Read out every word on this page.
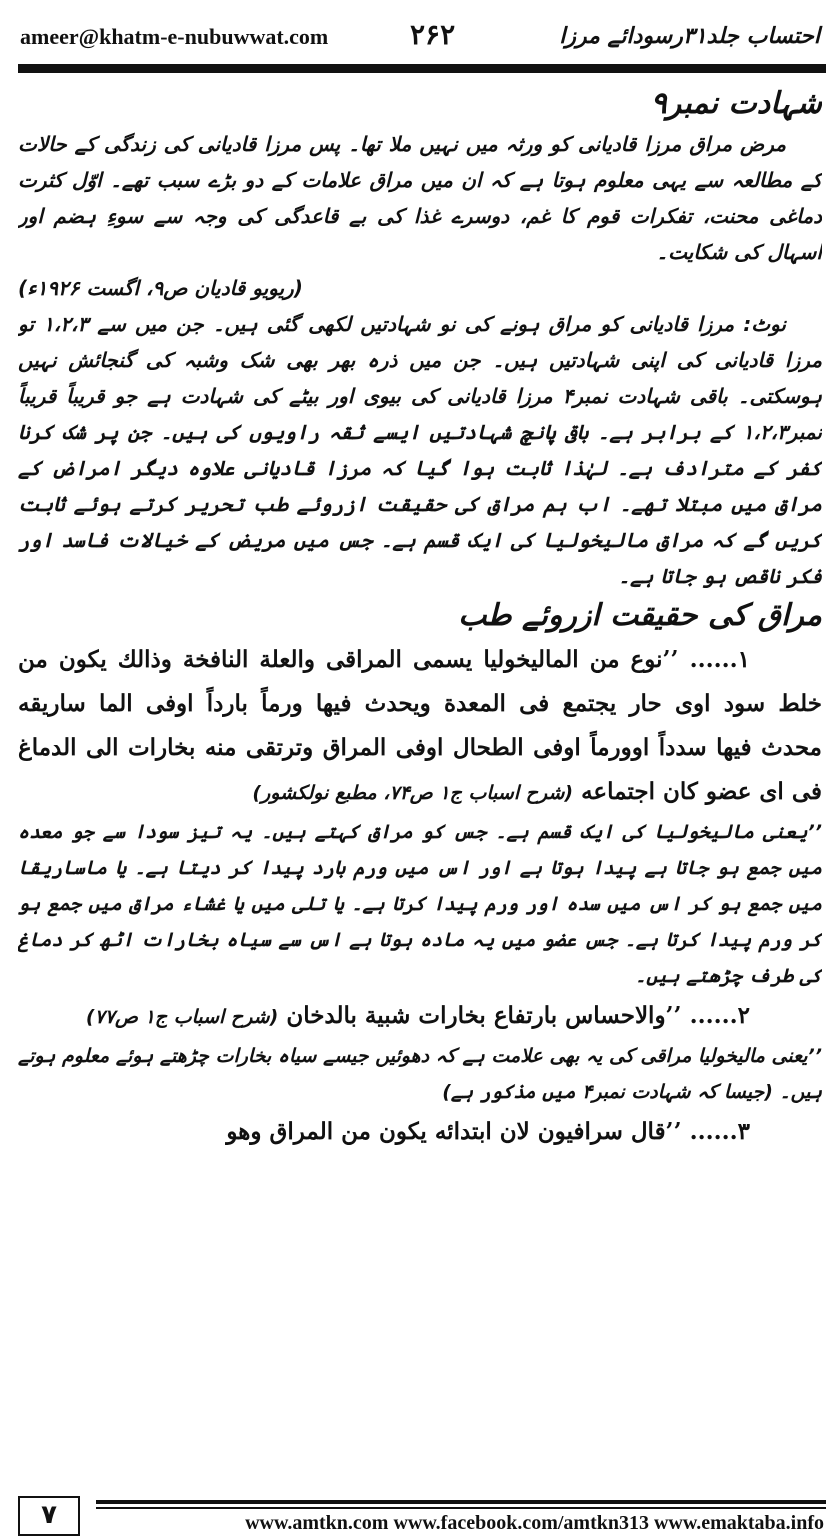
ameer@khatm-e-nubuwwat.com	۲۶۲	احتساب جلد۳۱رسودائے مرزا

شہادت نمبر۹

مرض مراق مرزا قادیانی کو ورثہ میں نہیں ملا تھا۔ پس مرزا قادیانی کی زندگی کے حالات کے مطالعہ سے یہی معلوم ہوتا ہے کہ ان میں مراق علامات کے دو بڑے سبب تھے۔ اوّل کثرت دماغی محنت، تفکرات قوم کا غم، دوسرے غذا کی بے قاعدگی کی وجہ سے سوءِ ہضم اور اسہال کی شکایت۔
(ریویو قادیان ص۹، اگست ۱۹۲۶ء)

نوٹ: مرزا قادیانی کو مراق ہونے کی نو شہادتیں لکھی گئی ہیں۔ جن میں سے ۱،۲،۳ تو مرزا قادیانی کی اپنی شہادتیں ہیں۔ جن میں ذرہ بھر بھی شک وشبہ کی گنجائش نہیں ہوسکتی۔ باقی شہادت نمبر۴ مرزا قادیانی کی بیوی اور بیٹے کی شہادت ہے جو قریباً قریباً نمبر۱،۲،۳ کے برابر ہے۔ باقی پانچ شہادتیں ایسے ثقہ راویوں کی ہیں۔ جن پر شک کرنا کفر کے مترادف ہے۔ لہٰذا ثابت ہوا گیا کہ مرزا قادیانی علاوہ دیگر امراض کے مراق میں مبتلا تھے۔ اب ہم مراق کی حقیقت ازروئے طب تحریر کرتے ہوئے ثابت کریں گے کہ مراق مالیخولیا کی ایک قسم ہے۔ جس میں مریض کے خیالات فاسد اور فکر ناقص ہو جاتا ہے۔

مراق کی حقیقت ازروئے طب

۱...... ’’نوع من المالیخولیا یسمی المراقی والعلة النافخة وذالك یكون من خلط سود اوی حار یجتمع فی المعدة ویحدث فیها ورماً بارداً اوفی الما ساریقه محدث فیها سدداً اوورماً اوفی الطحال اوفی المراق وترتقی منه بخارات الی الدماغ فی ای عضو كان اجتماعه (شرح اسباب ج۱ ص۷۴، مطبع نولکشور)

’’یعنی مالیخولیا کی ایک قسم ہے۔ جس کو مراق کہتے ہیں۔ یہ تیز سودا سے جو معدہ میں جمع ہو جاتا ہے پیدا ہوتا ہے اور اس میں ورم بارد پیدا کر دیتا ہے۔ یا ماساریقا میں جمع ہو کر اس میں سدہ اور ورم پیدا کرتا ہے۔ یا تلی میں یا غشاء مراق میں جمع ہو کر ورم پیدا کرتا ہے۔ جس عضو میں یہ مادہ ہوتا ہے اس سے سیاہ بخارات اٹھ کر دماغ کی طرف چڑھتے ہیں۔

۲...... ’’والاحساس بارتفاع بخارات شبیة بالدخان (شرح اسباب ج۱ ص۷۷)

’’یعنی مالیخولیا مراقی کی یہ بھی علامت ہے کہ دھوئیں جیسے سیاہ بخارات چڑھتے ہوئے معلوم ہوتے ہیں۔ (جیسا کہ شہادت نمبر۴ میں مذکور ہے)

۳...... ’’قال سرافیون لان ابتدائه یكون من المراق وهو

۷	www.amtkn.com www.facebook.com/amtkn313 www.emaktaba.info
